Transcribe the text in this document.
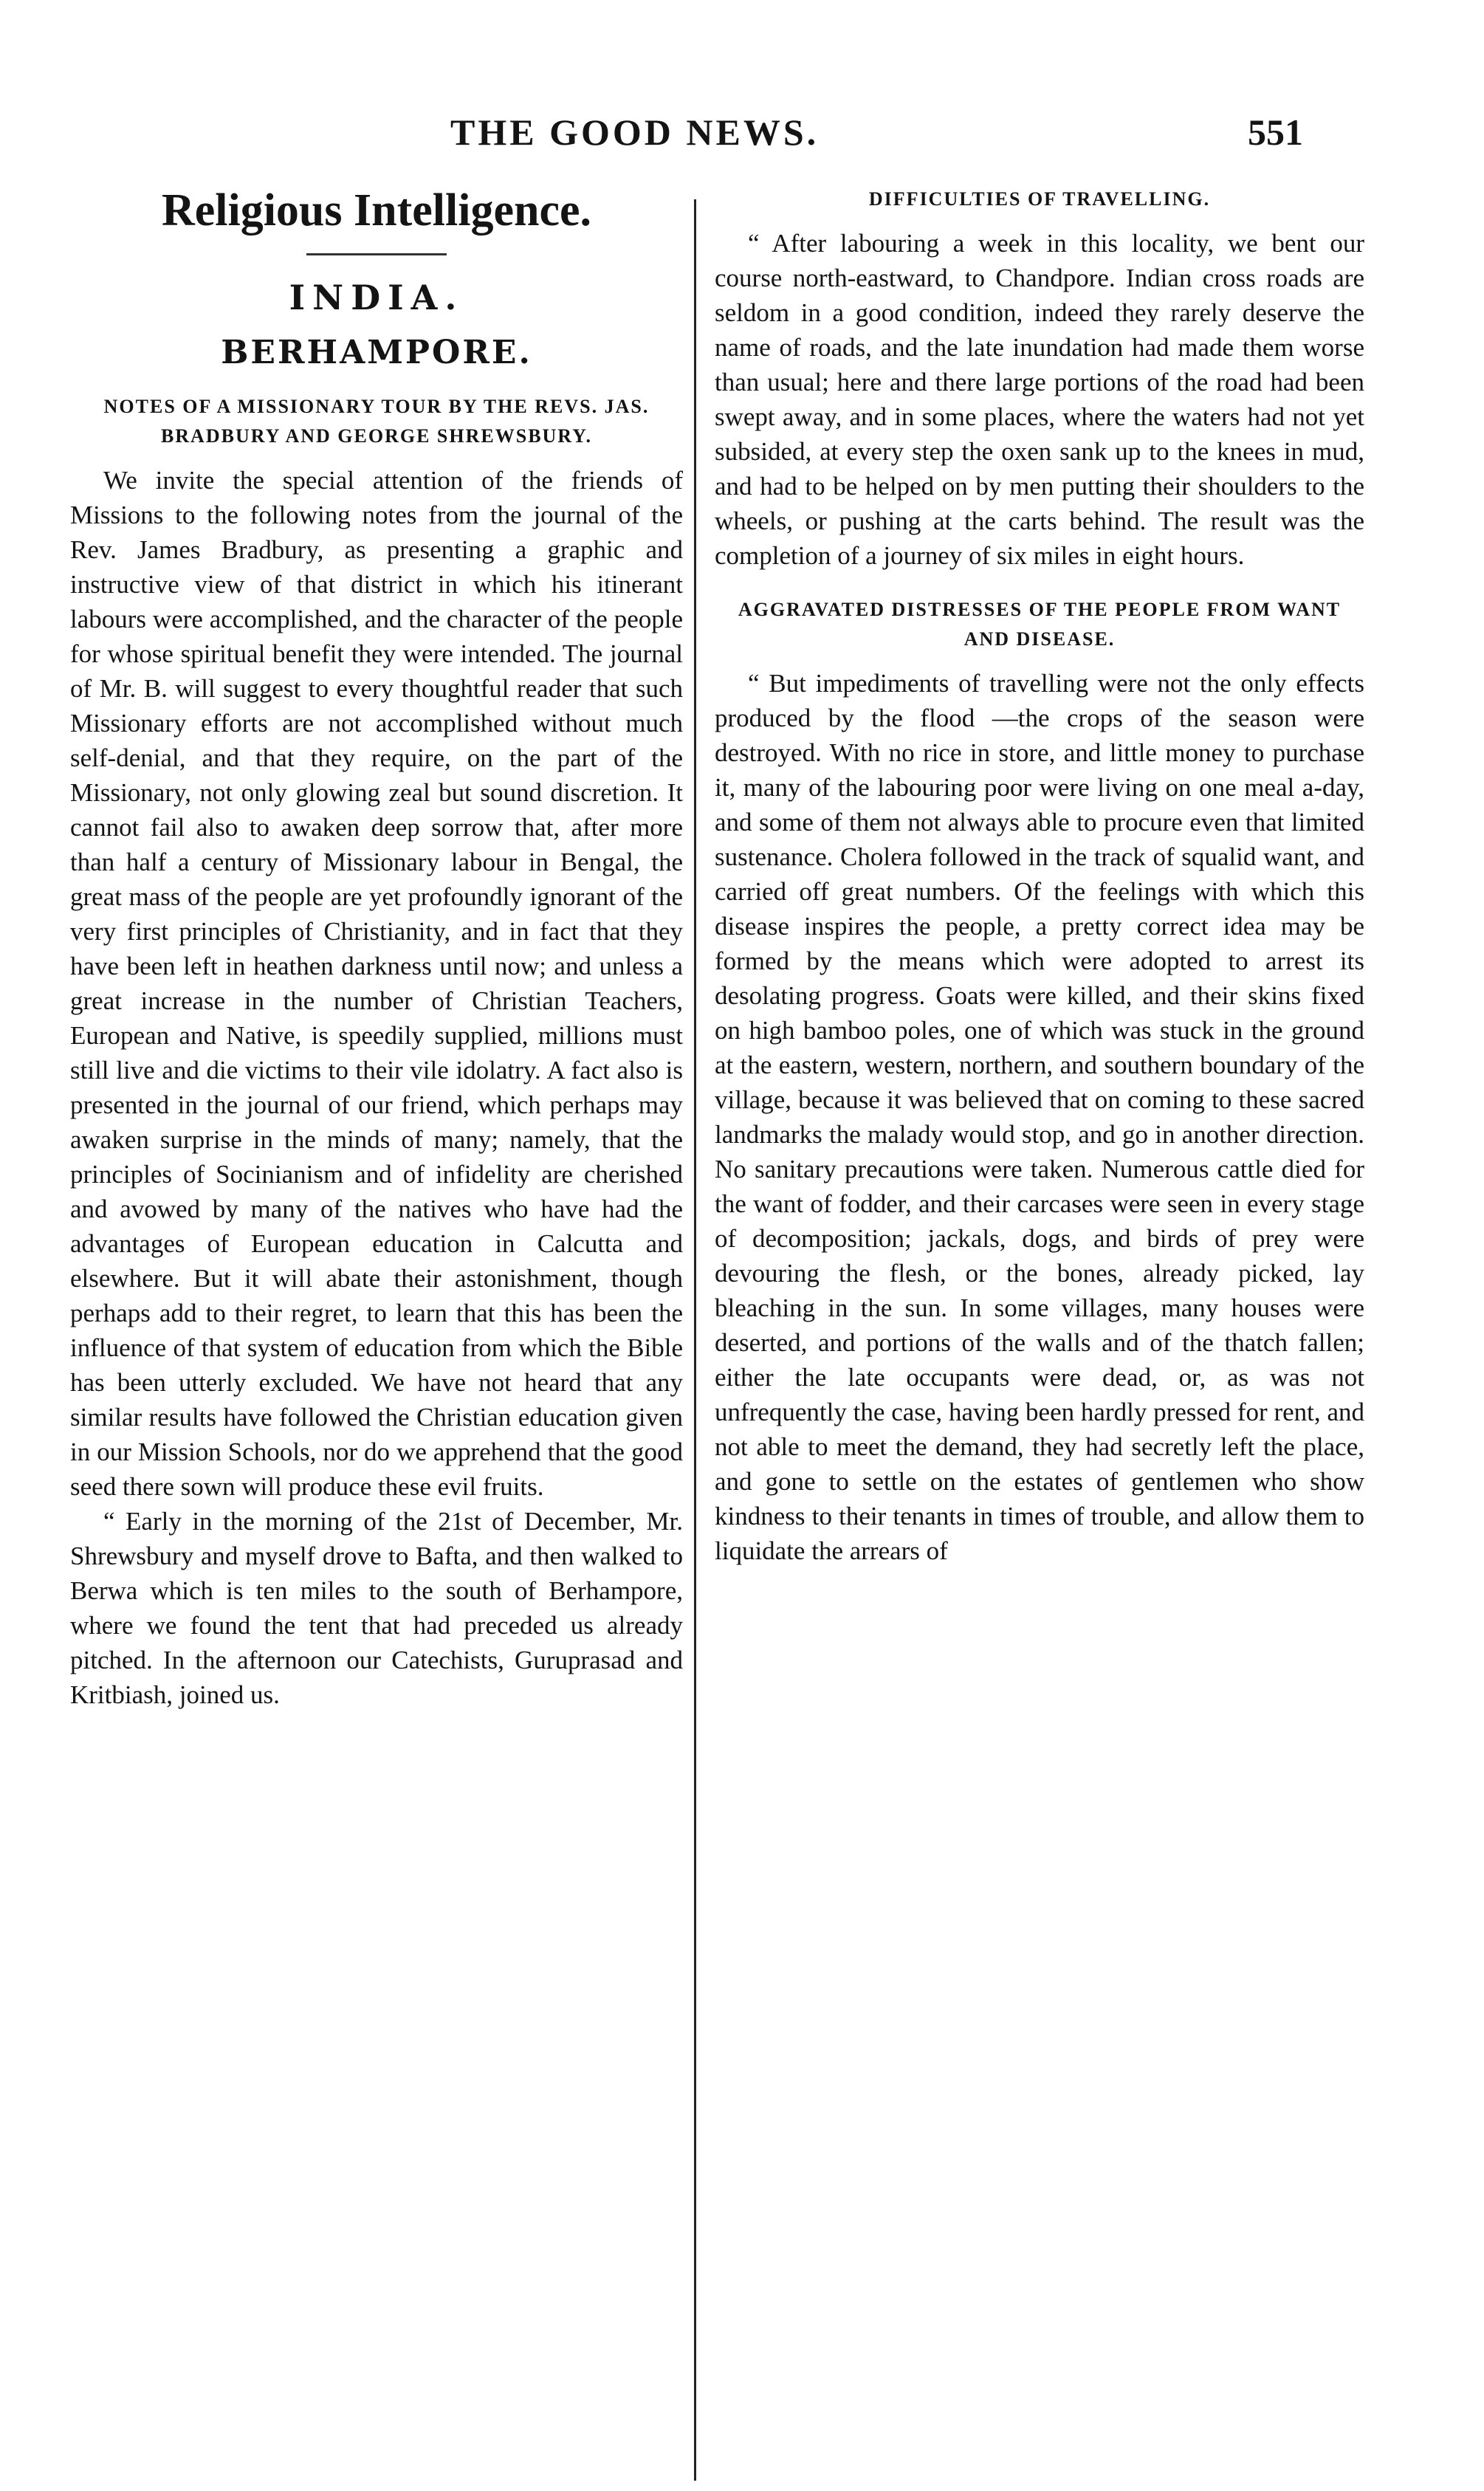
THE GOOD NEWS.	551
Religious Intelligence.
INDIA.
BERHAMPORE.
NOTES OF A MISSIONARY TOUR BY THE REVS. JAS. BRADBURY AND GEORGE SHREWSBURY.

We invite the special attention of the friends of Missions to the following notes from the journal of the Rev. James Bradbury, as presenting a graphic and instructive view of that district in which his itinerant labours were accomplished, and the character of the people for whose spiritual benefit they were intended. The journal of Mr. B. will suggest to every thoughtful reader that such Missionary efforts are not accomplished without much self-denial, and that they require, on the part of the Missionary, not only glowing zeal but sound discretion. It cannot fail also to awaken deep sorrow that, after more than half a century of Missionary labour in Bengal, the great mass of the people are yet profoundly ignorant of the very first principles of Christianity, and in fact that they have been left in heathen darkness until now; and unless a great increase in the number of Christian Teachers, European and Native, is speedily supplied, millions must still live and die victims to their vile idolatry. A fact also is presented in the journal of our friend, which perhaps may awaken surprise in the minds of many; namely, that the principles of Socinianism and of infidelity are cherished and avowed by many of the natives who have had the advantages of European education in Calcutta and elsewhere. But it will abate their astonishment, though perhaps add to their regret, to learn that this has been the influence of that system of education from which the Bible has been utterly excluded. We have not heard that any similar results have followed the Christian education given in our Mission Schools, nor do we apprehend that the good seed there sown will produce these evil fruits.

“ Early in the morning of the 21st of December, Mr. Shrewsbury and myself drove to Bafta, and then walked to Berwa which is ten miles to the south of Berhampore, where we found the tent that had preceded us already pitched. In the afternoon our Catechists, Guruprasad and Kritbiash, joined us.

DIFFICULTIES OF TRAVELLING.

“ After labouring a week in this locality, we bent our course north-eastward, to Chandpore. Indian cross roads are seldom in a good condition, indeed they rarely deserve the name of roads, and the late inundation had made them worse than usual; here and there large portions of the road had been swept away, and in some places, where the waters had not yet subsided, at every step the oxen sank up to the knees in mud, and had to be helped on by men putting their shoulders to the wheels, or pushing at the carts behind. The result was the completion of a journey of six miles in eight hours.

AGGRAVATED DISTRESSES OF THE PEOPLE FROM WANT AND DISEASE.

“ But impediments of travelling were not the only effects produced by the flood —the crops of the season were destroyed. With no rice in store, and little money to purchase it, many of the labouring poor were living on one meal a-day, and some of them not always able to procure even that limited sustenance. Cholera followed in the track of squalid want, and carried off great numbers. Of the feelings with which this disease inspires the people, a pretty correct idea may be formed by the means which were adopted to arrest its desolating progress. Goats were killed, and their skins fixed on high bamboo poles, one of which was stuck in the ground at the eastern, western, northern, and southern boundary of the village, because it was believed that on coming to these sacred landmarks the malady would stop, and go in another direction. No sanitary precautions were taken. Numerous cattle died for the want of fodder, and their carcases were seen in every stage of decomposition; jackals, dogs, and birds of prey were devouring the flesh, or the bones, already picked, lay bleaching in the sun. In some villages, many houses were deserted, and portions of the walls and of the thatch fallen; either the late occupants were dead, or, as was not unfrequently the case, having been hardly pressed for rent, and not able to meet the demand, they had secretly left the place, and gone to settle on the estates of gentlemen who show kindness to their tenants in times of trouble, and allow them to liquidate the arrears of
